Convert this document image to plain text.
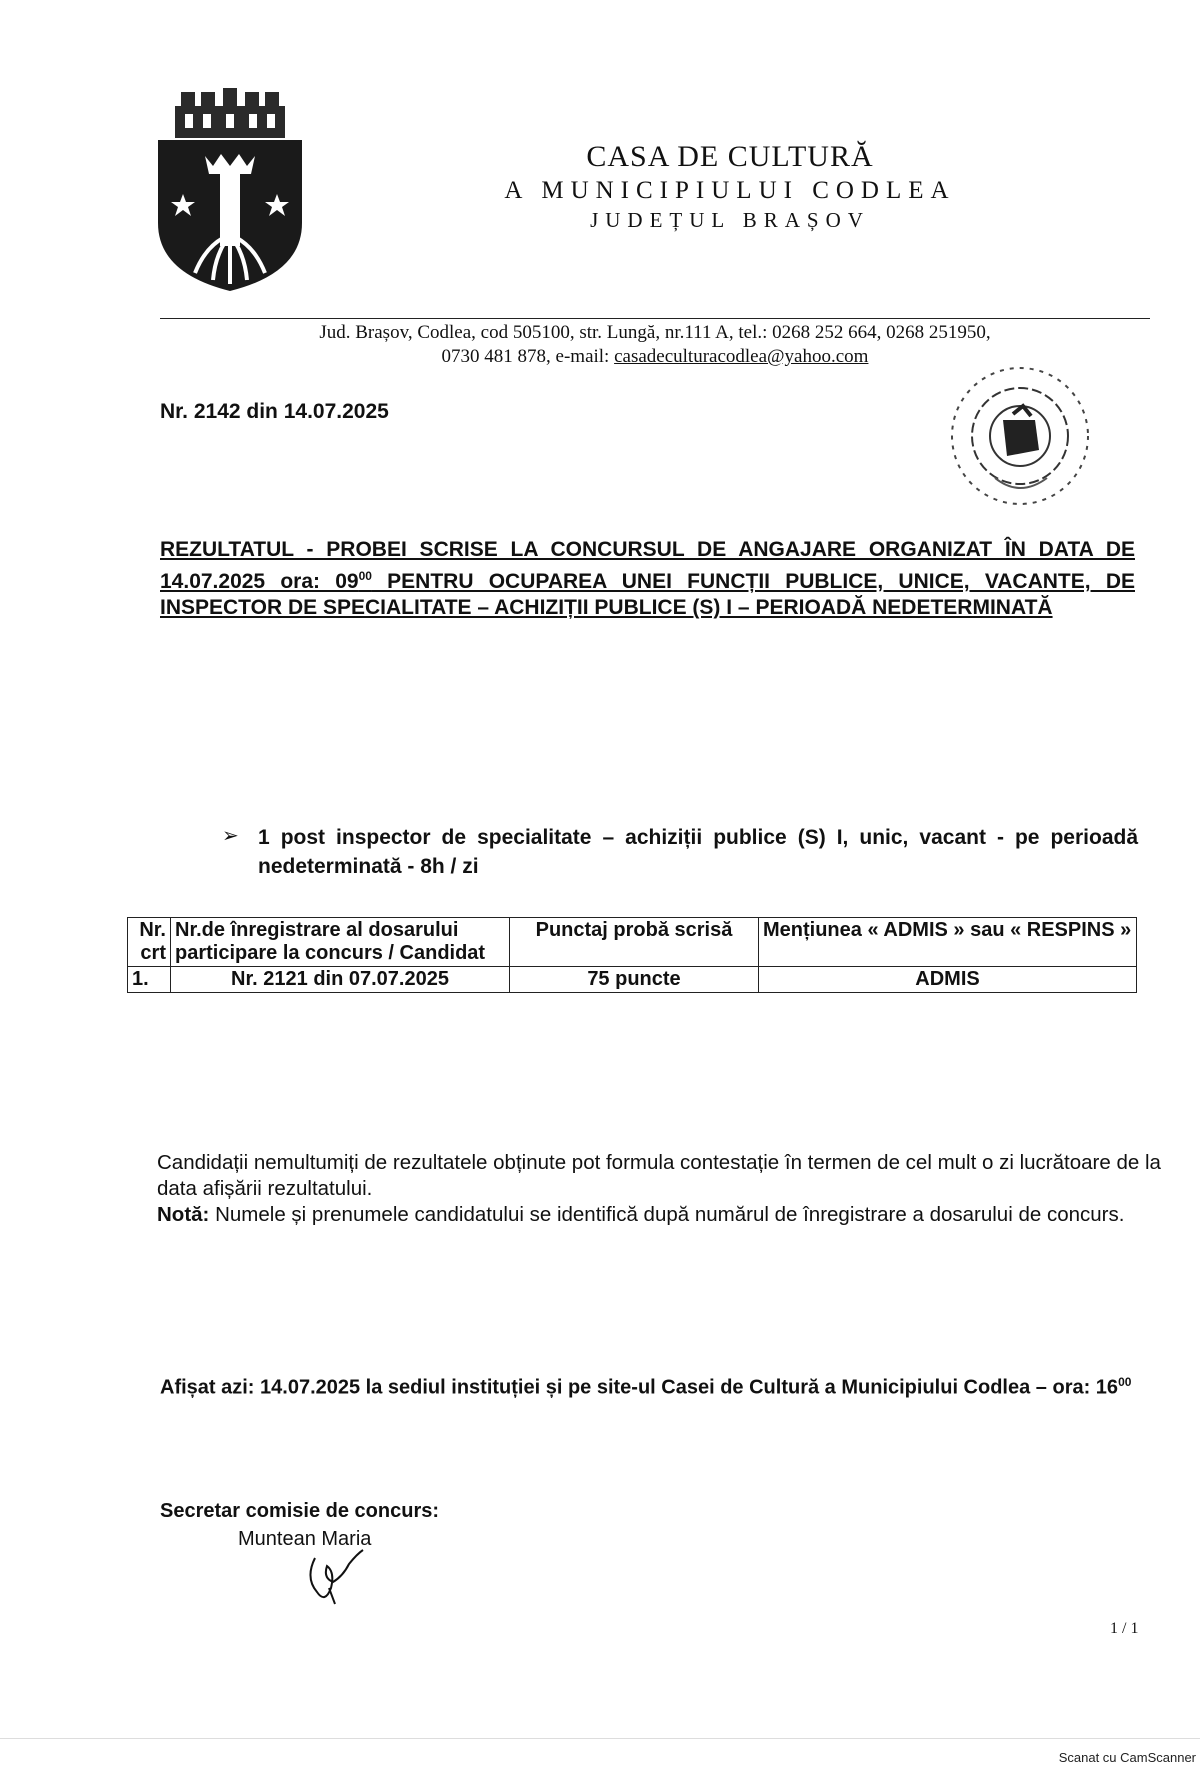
CASA DE CULTURĂ
A MUNICIPIULUI CODLEA
JUDEȚUL BRAȘOV
Jud. Brașov, Codlea, cod 505100, str. Lungă, nr.111 A, tel.: 0268 252 664, 0268 251950,
0730 481 878, e-mail: casadeculturacodlea@yahoo.com
Nr. 2142 din 14.07.2025
REZULTATUL - PROBEI SCRISE LA CONCURSUL DE ANGAJARE ORGANIZAT ÎN DATA DE 14.07.2025 ora: $09^{00}$ PENTRU OCUPAREA UNEI FUNCȚII PUBLICE, UNICE, VACANTE, DE INSPECTOR DE SPECIALITATE – ACHIZIȚII PUBLICE (S) I – PERIOADĂ NEDETERMINATĂ
➢ 1 post inspector de specialitate – achiziții publice (S) I, unic, vacant - pe perioadă nedeterminată - 8h / zi
Nr. crt	Nr.de înregistrare al dosarului participare la concurs / Candidat	Punctaj probă scrisă	Mențiunea « ADMIS » sau « RESPINS »
1.	Nr. 2121 din 07.07.2025	75 puncte	ADMIS
Candidații nemultumiți de rezultatele obținute pot formula contestație în termen de cel mult o zi lucrătoare de la data afișării rezultatului.
Notă: Numele și prenumele candidatului se identifică după numărul de înregistrare a dosarului de concurs.
Afișat azi: 14.07.2025 la sediul instituției și pe site-ul Casei de Cultură a Municipiului Codlea – ora: $16^{00}$
Secretar comisie de concurs:
Muntean Maria
1 / 1
Scanat cu CamScanner
